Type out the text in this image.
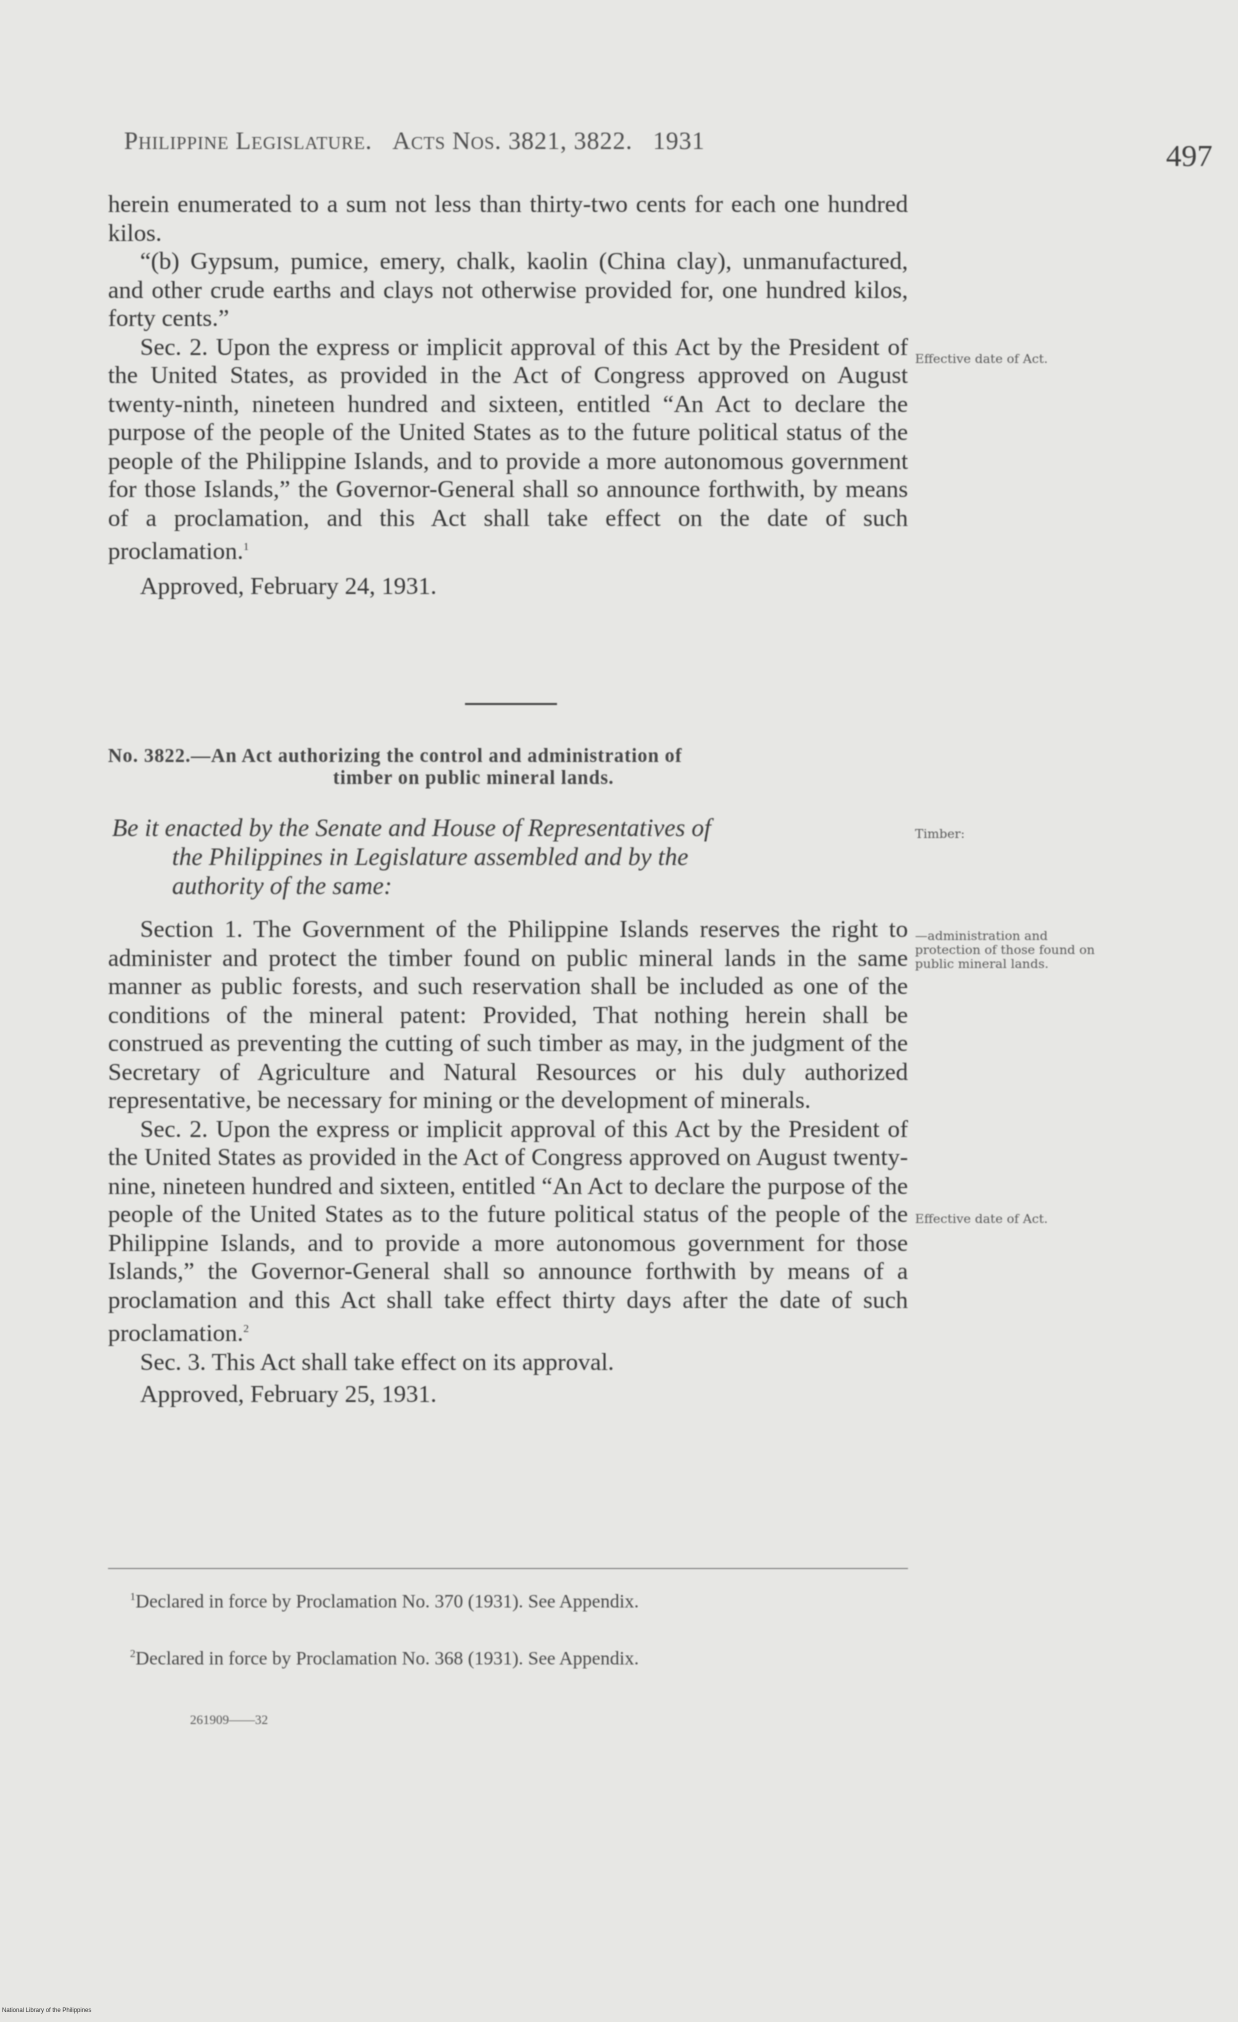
Philippine Legislature. Acts Nos. 3821, 3822. 1931	497

herein enumerated to a sum not less than thirty-two cents for each one hundred kilos.

“(b) Gypsum, pumice, emery, chalk, kaolin (China clay), unmanufactured, and other crude earths and clays not otherwise provided for, one hundred kilos, forty cents.”

Sec. 2. Upon the express or implicit approval of this Act by the President of the United States, as provided in the Act of Congress approved on August twenty-ninth, nineteen hundred and sixteen, entitled “An Act to declare the purpose of the people of the United States as to the future political status of the people of the Philippine Islands, and to provide a more autonomous government for those Islands,” the Governor-General shall so announce forthwith, by means of a proclamation, and this Act shall take effect on the date of such proclamation.$^1$

Approved, February 24, 1931.

Effective date of Act.
No. 3822.—An Act authorizing the control and administration of
timber on public mineral lands.
Be it enacted by the Senate and House of Representatives of
the Philippines in Legislature assembled and by the
authority of the same:
Timber:
—administration and protection of those found on public mineral lands.

Section 1. The Government of the Philippine Islands reserves the right to administer and protect the timber found on public mineral lands in the same manner as public forests, and such reservation shall be included as one of the conditions of the mineral patent: Provided, That nothing herein shall be construed as preventing the cutting of such timber as may, in the judgment of the Secretary of Agriculture and Natural Resources or his duly authorized representative, be necessary for mining or the development of minerals.

Sec. 2. Upon the express or implicit approval of this Act by the President of the United States as provided in the Act of Congress approved on August twenty-nine, nineteen hundred and sixteen, entitled “An Act to declare the purpose of the people of the United States as to the future political status of the people of the Philippine Islands, and to provide a more autonomous government for those Islands,” the Governor-General shall so announce forthwith by means of a proclamation and this Act shall take effect thirty days after the date of such proclamation.$^2$

Sec. 3. This Act shall take effect on its approval.

Approved, February 25, 1931.

Effective date of Act.
$^1$Declared in force by Proclamation No. 370 (1931). See Appendix.
$^2$Declared in force by Proclamation No. 368 (1931). See Appendix.
261909——32
National Library of the Philippines
